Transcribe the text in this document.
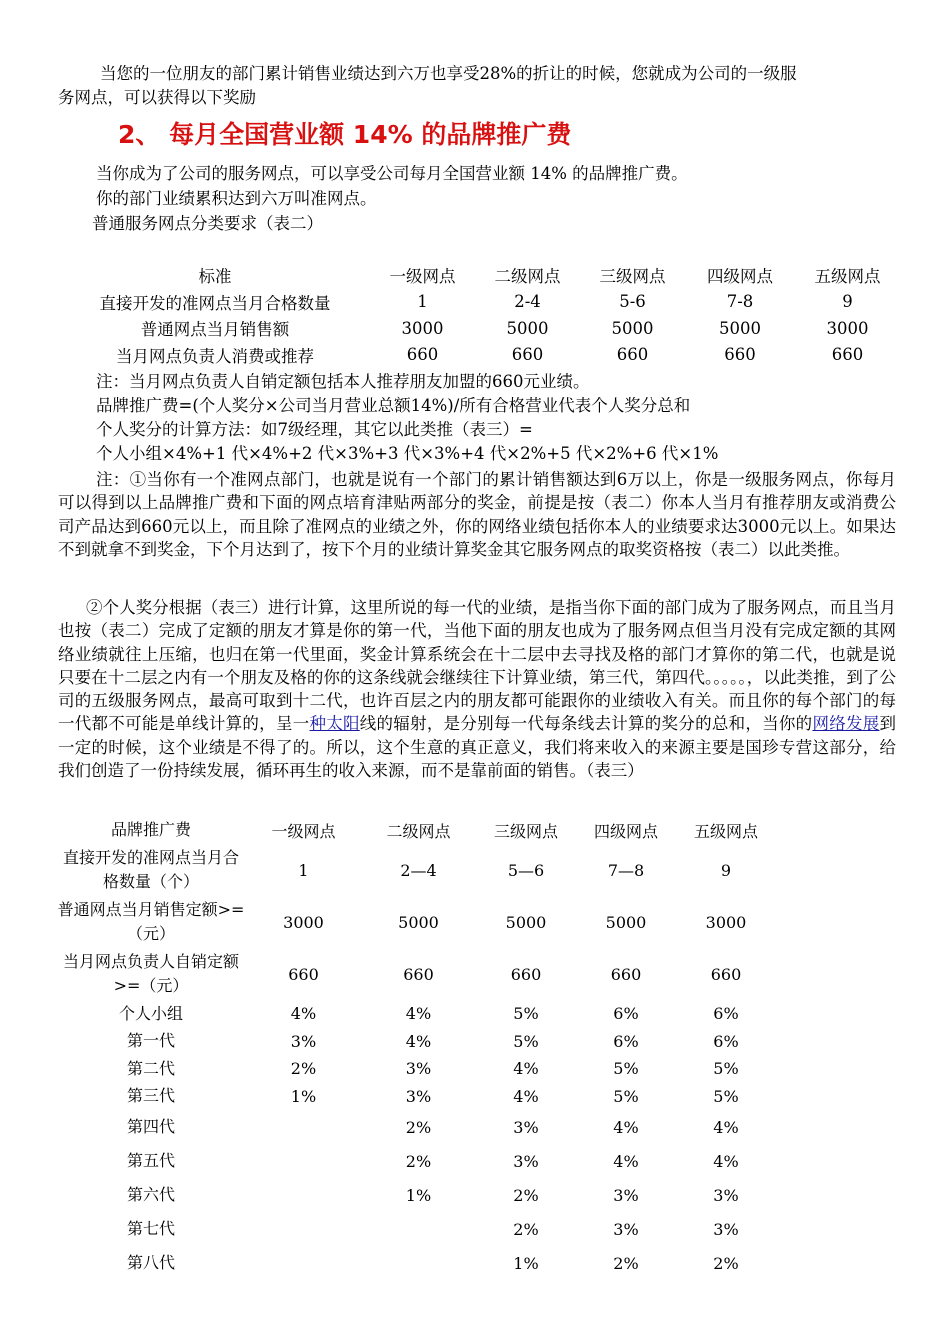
当您的一位朋友的部门累计销售业绩达到六万也享受28%的折让的时候，您就成为公司的一级服
务网点，可以获得以下奖励
2、 每月全国营业额 14% 的品牌推广费
当你成为了公司的服务网点，可以享受公司每月全国营业额 14% 的品牌推广费。
你的部门业绩累积达到六万叫准网点。
普通服务网点分类要求（表二）
标准	一级网点	二级网点	三级网点	四级网点	五级网点
直接开发的准网点当月合格数量	1	2-4	5-6	7-8	9
普通网点当月销售额	3000	5000	5000	5000	3000
当月网点负责人消费或推荐	660	660	660	660	660
注：当月网点负责人自销定额包括本人推荐朋友加盟的660元业绩。
品牌推广费=(个人奖分×公司当月营业总额14%)/所有合格营业代表个人奖分总和
个人奖分的计算方法：如7级经理，其它以此类推（表三）=
个人小组×4%+1 代×4%+2 代×3%+3 代×3%+4 代×2%+5 代×2%+6 代×1%
注：①当你有一个准网点部门，也就是说有一个部门的累计销售额达到6万以上，你是一级服务网点，你每月可以得到以上品牌推广费和下面的网点培育津贴两部分的奖金，前提是按（表二）你本人当月有推荐朋友或消费公司产品达到660元以上，而且除了准网点的业绩之外，你的网络业绩包括你本人的业绩要求达3000元以上。如果达不到就拿不到奖金，下个月达到了，按下个月的业绩计算奖金其它服务网点的取奖资格按（表二）以此类推。
②个人奖分根据（表三）进行计算，这里所说的每一代的业绩，是指当你下面的部门成为了服务网点，而且当月也按（表二）完成了定额的朋友才算是你的第一代，当他下面的朋友也成为了服务网点但当月没有完成定额的其网络业绩就往上压缩，也归在第一代里面，奖金计算系统会在十二层中去寻找及格的部门才算你的第二代，也就是说只要在十二层之内有一个朋友及格的你的这条线就会继续往下计算业绩，第三代，第四代。。。。。，以此类推，到了公司的五级服务网点，最高可取到十二代，也许百层之内的朋友都可能跟你的业绩收入有关。而且你的每个部门的每一代都不可能是单线计算的，呈一种太阳线的辐射，是分别每一代每条线去计算的奖分的总和，当你的网络发展到一定的时候，这个业绩是不得了的。所以，这个生意的真正意义，我们将来收入的来源主要是国珍专营这部分，给我们创造了一份持续发展，循环再生的收入来源，而不是靠前面的销售。（表三）
品牌推广费	一级网点	二级网点	三级网点	四级网点	五级网点
直接开发的准网点当月合格数量（个）	1	2—4	5—6	7—8	9
普通网点当月销售定额>=（元）	3000	5000	5000	5000	3000
当月网点负责人自销定额>=（元）	660	660	660	660	660
个人小组	4%	4%	5%	6%	6%
第一代	3%	4%	5%	6%	6%
第二代	2%	3%	4%	5%	5%
第三代	1%	3%	4%	5%	5%
第四代		2%	3%	4%	4%
第五代		2%	3%	4%	4%
第六代		1%	2%	3%	3%
第七代			2%	3%	3%
第八代			1%	2%	2%
